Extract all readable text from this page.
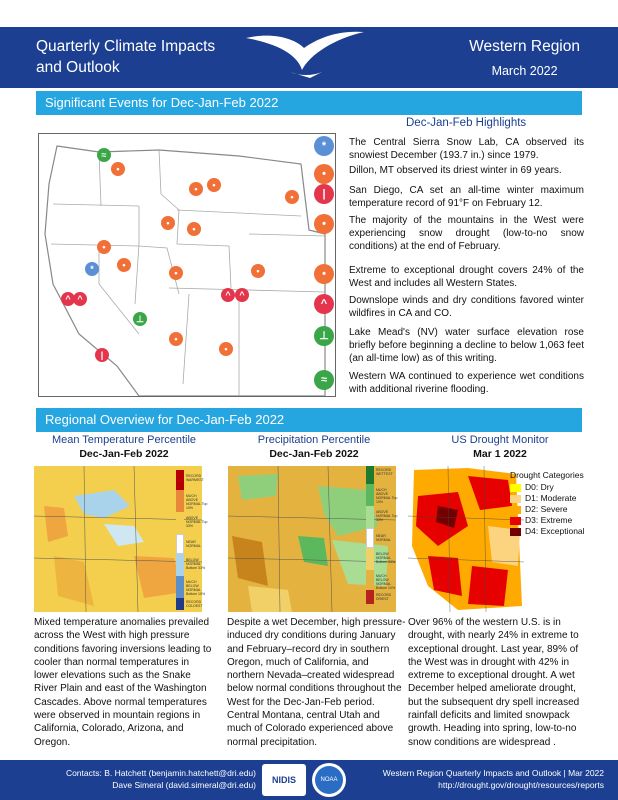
Quarterly Climate Impacts
and Outlook
Western Region
March 2022
Significant Events for Dec-Jan-Feb 2022
≈
•
•	•
•
•
•
•
*	•
•	•
^ ^	^ ^
⊥
•
•
|
Dec-Jan-Feb Highlights
*	The Central Sierra Snow Lab, CA observed its snowiest December (193.7 in.) since 1979.
•	Dillon, MT observed its driest winter in 69 years.
|	San Diego, CA set an all-time winter maximum temperature record of 91°F on February 12.
•	The majority of the mountains in the West were experiencing snow drought (low-to-no snow conditions) at the end of February.
•	Extreme to exceptional drought covers 24% of the West and includes all Western States.
^	Downslope winds and dry conditions favored winter wildfires in CA and CO.
⊥	Lake Mead's (NV) water surface elevation rose briefly before beginning a decline to below 1,063 feet (an all-time low) as of this writing.
≈	Western WA continued to experience wet conditions with additional riverine flooding.
Regional Overview for Dec-Jan-Feb 2022
Mean Temperature Percentile
Dec-Jan-Feb 2022
RECORD WARMEST
MUCH ABOVE NORMAL Top 10%
ABOVE NORMAL Top 33%
NEAR NORMAL
BELOW NORMAL Bottom 33%
MUCH BELOW NORMAL Bottom 10%
RECORD COLDEST
Mixed temperature anomalies prevailed across the West with high pressure conditions favoring inversions leading to cooler than normal temperatures in lower elevations such as the Snake River Plain and east of the Washington Cascades. Above normal temperatures were observed in mountain regions in California, Colorado, Arizona, and Oregon.
Precipitation Percentile
Dec-Jan-Feb 2022
RECORD WETTEST
MUCH ABOVE NORMAL Top 10%
ABOVE NORMAL Top 33%
NEAR NORMAL
BELOW NORMAL Bottom 33%
MUCH BELOW NORMAL Bottom 10%
RECORD DRIEST
Despite a wet December, high pressure-induced dry conditions during January and February–record dry in southern Oregon, much of California, and northern Nevada–created widespread below normal conditions throughout the West for the Dec-Jan-Feb period. Central Montana, central Utah and much of Colorado experienced above normal precipitation.
US Drought Monitor
Mar 1 2022
Drought Categories
D0: Dry
D1: Moderate
D2: Severe
D3: Extreme
D4: Exceptional
Over 96% of the western U.S. is in drought, with nearly 24% in extreme to exceptional drought. Last year, 89% of the West was in drought with 42% in extreme to exceptional drought. A wet December helped ameliorate drought, but the subsequent dry spell increased rainfall deficits and limited snowpack growth. Heading into spring, low-to-no snow conditions are widespread .
Contacts: B. Hatchett (benjamin.hatchett@dri.edu)
Dave Simeral (david.simeral@dri.edu)	NIDIS	NOAA
Western Region Quarterly Impacts and Outlook | Mar 2022
http://drought.gov/drought/resources/reports
